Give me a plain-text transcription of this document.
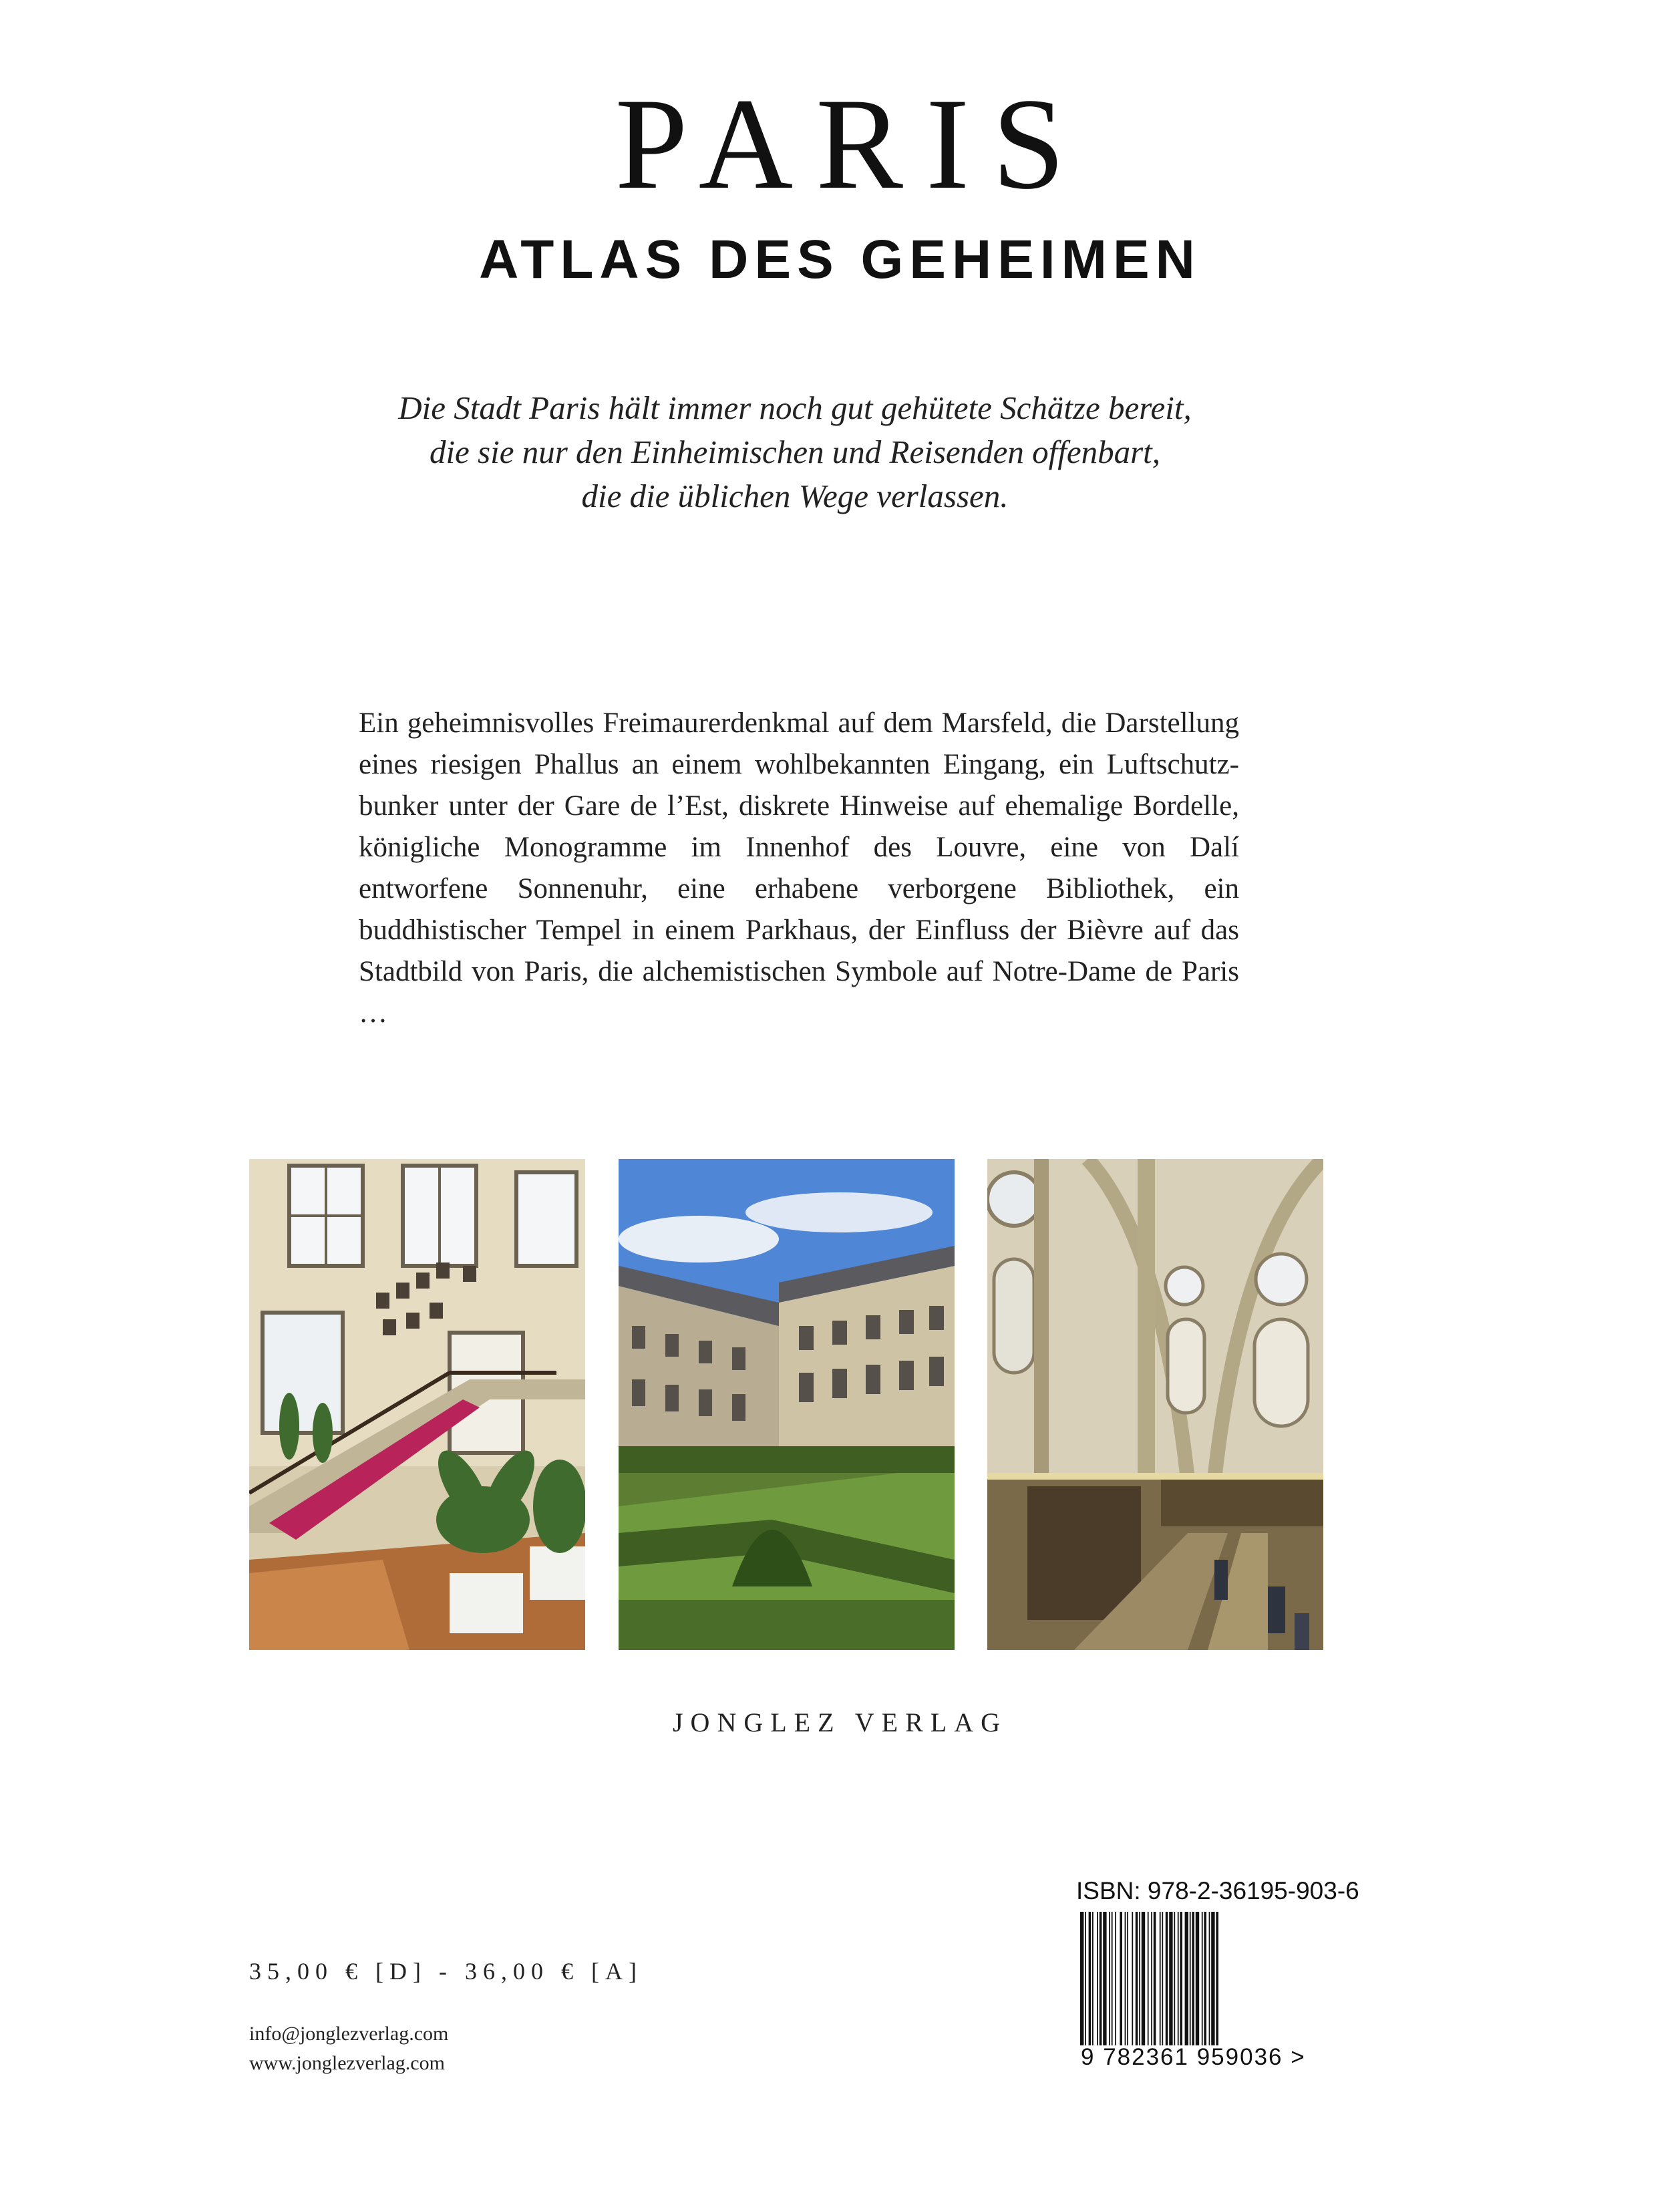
PARIS
ATLAS DES GEHEIMEN
Die Stadt Paris hält immer noch gut gehütete Schätze bereit,
die sie nur den Einheimischen und Reisenden offenbart,
die die üblichen Wege verlassen.
Ein geheimnisvolles Freimaurerdenkmal auf dem Marsfeld, die Darstellung eines riesigen Phallus an einem wohlbekannten Eingang, ein Luftschutzbunker unter der Gare de l’Est, diskrete Hinweise auf ehemalige Bordelle, königliche Monogramme im Innenhof des Louvre, eine von Dalí entworfene Sonnenuhr, eine erhabene verborgene Bibliothek, ein buddhistischer Tempel in einem Parkhaus, der Einfluss der Bièvre auf das Stadtbild von Paris, die alchemistischen Symbole auf Notre-Dame de Paris …
JONGLEZ VERLAG
35,00 € [D] - 36,00 € [A]
info@jonglezverlag.com
www.jonglezverlag.com
ISBN: 978-2-36195-903-6
9 782361 959036 >
